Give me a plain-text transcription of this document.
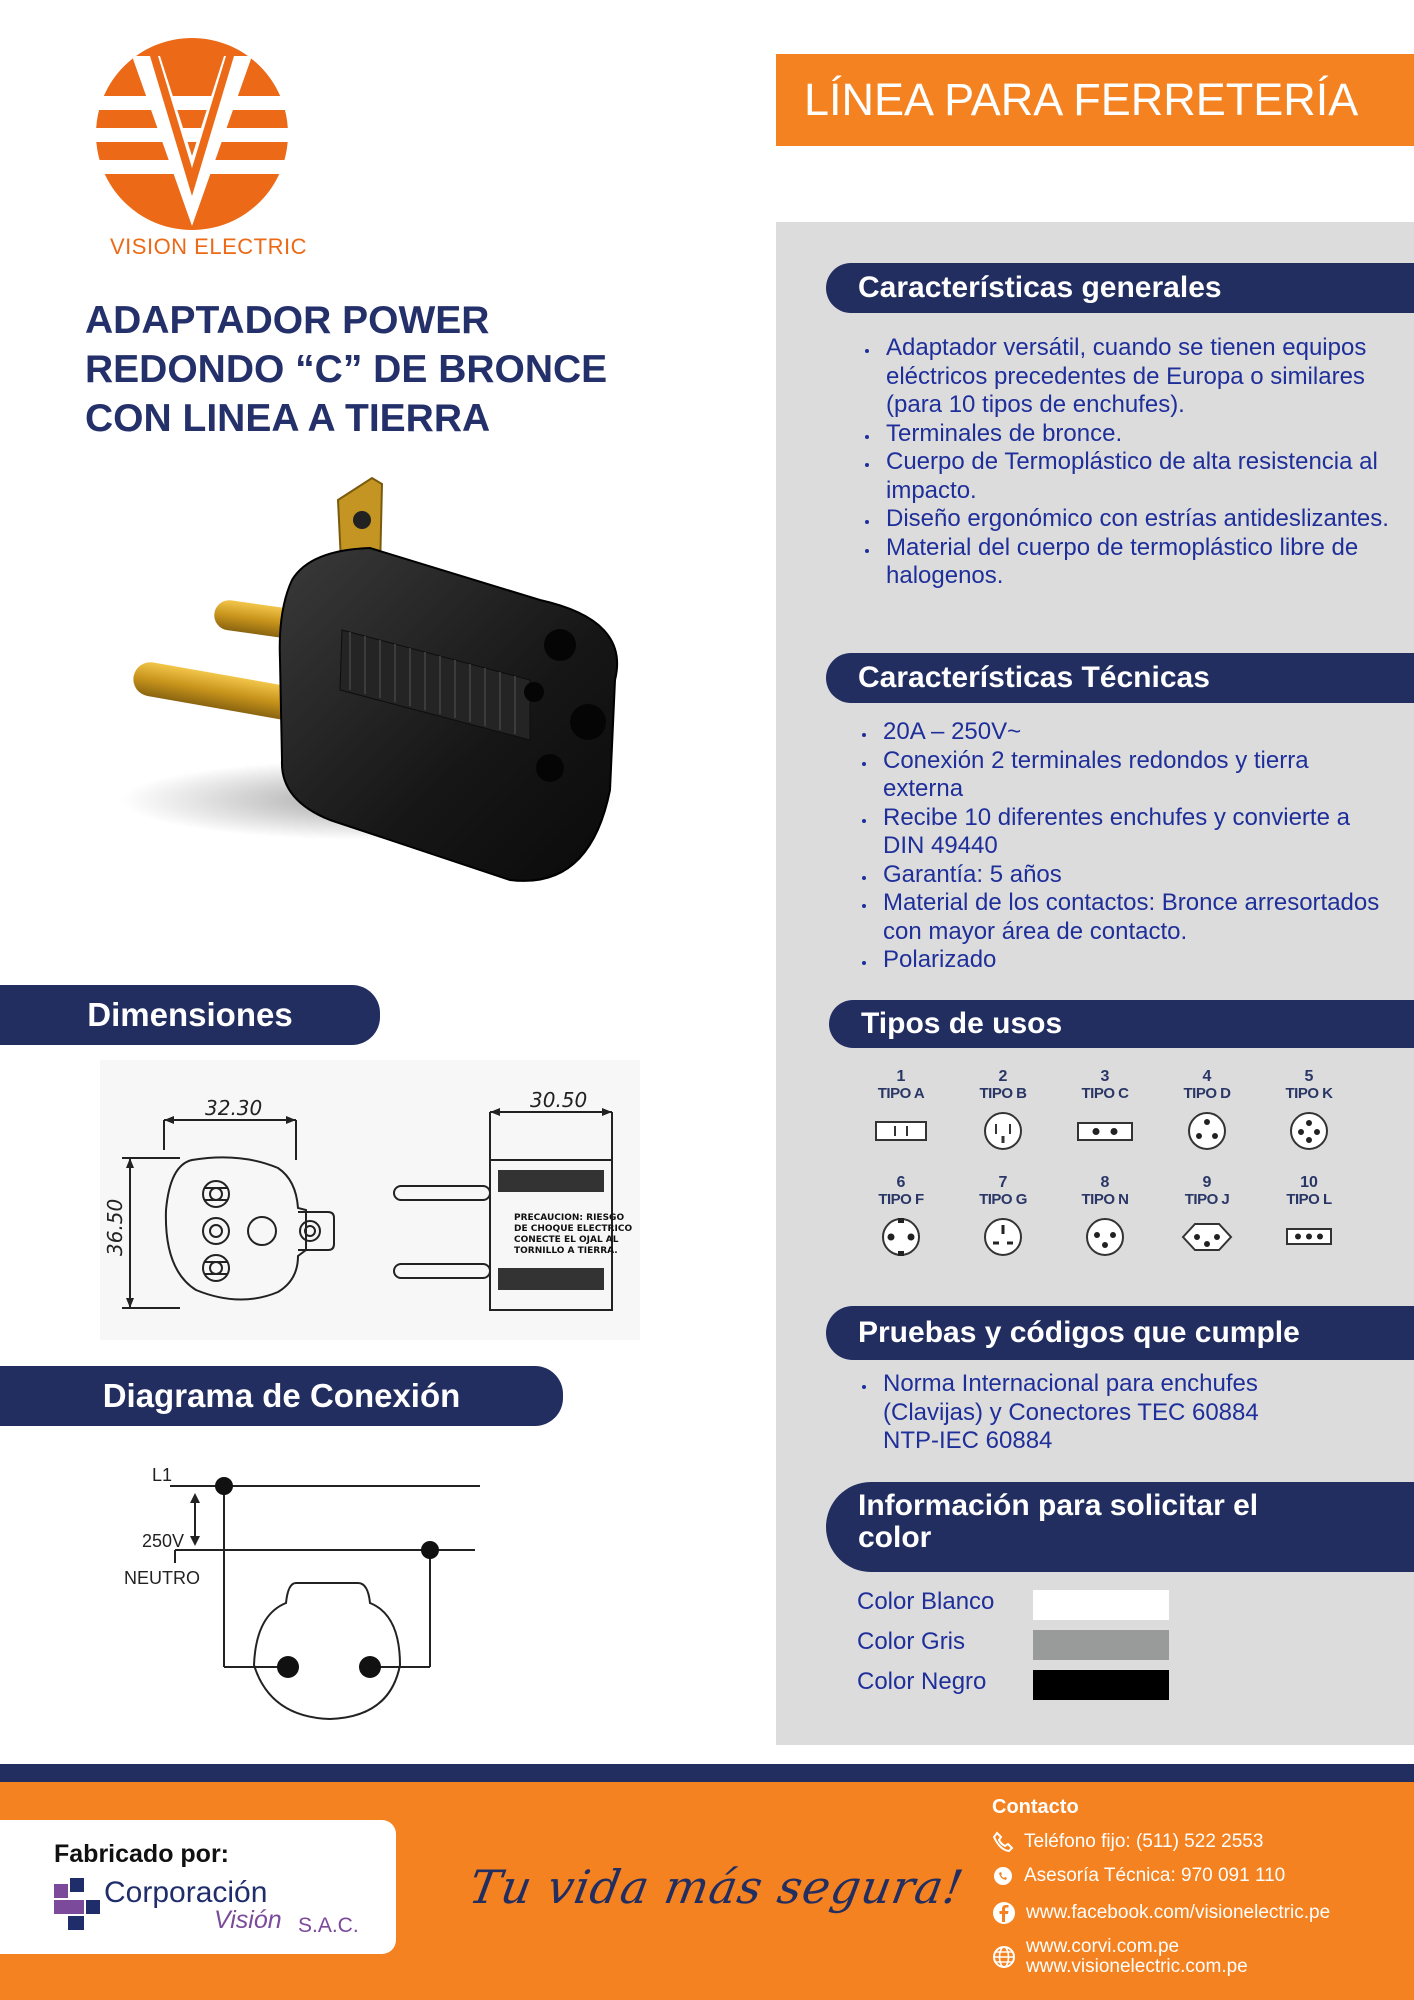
VISION ELECTRIC
LÍNEA PARA FERRETERÍA
ADAPTADOR POWER
REDONDO “C” DE BRONCE
CON LINEA A TIERRA
Dimensiones
32.30
36.50
30.50
PRECAUCION: RIESGO
DE CHOQUE ELECTRICO
CONECTE EL OJAL AL
TORNILLO A TIERRA.
Diagrama de Conexión
L1
250V
NEUTRO
Características generales
• Adaptador versátil, cuando se tienen equipos eléctricos precedentes de Europa o similares (para 10 tipos de enchufes).
• Terminales de bronce.
• Cuerpo de Termoplástico de alta resistencia al impacto.
• Diseño ergonómico con estrías antideslizantes.
• Material del cuerpo de termoplástico libre de halogenos.
Características Técnicas
• 20A – 250V~
• Conexión 2 terminales redondos y tierra externa
• Recibe 10 diferentes enchufes y convierte a DIN 49440
• Garantía: 5 años
• Material de los contactos: Bronce arresortados con mayor área de contacto.
• Polarizado
Tipos de usos
1
TIPO A
2
TIPO B
3
TIPO C
4
TIPO D
5
TIPO K
6
TIPO F
7
TIPO G
8
TIPO N
9
TIPO J
10
TIPO L
Pruebas y códigos que cumple
• Norma Internacional para enchufes (Clavijas) y Conectores TEC 60884 NTP-IEC 60884
Información para solicitar el color
Color Blanco
Color Gris
Color Negro
Fabricado por:
Corporación
Visión S.A.C.
Tu vida más segura!
Contacto
Teléfono fijo: (511) 522 2553
Asesoría Técnica: 970 091 110
www.facebook.com/visionelectric.pe
www.corvi.com.pe
www.visionelectric.com.pe
